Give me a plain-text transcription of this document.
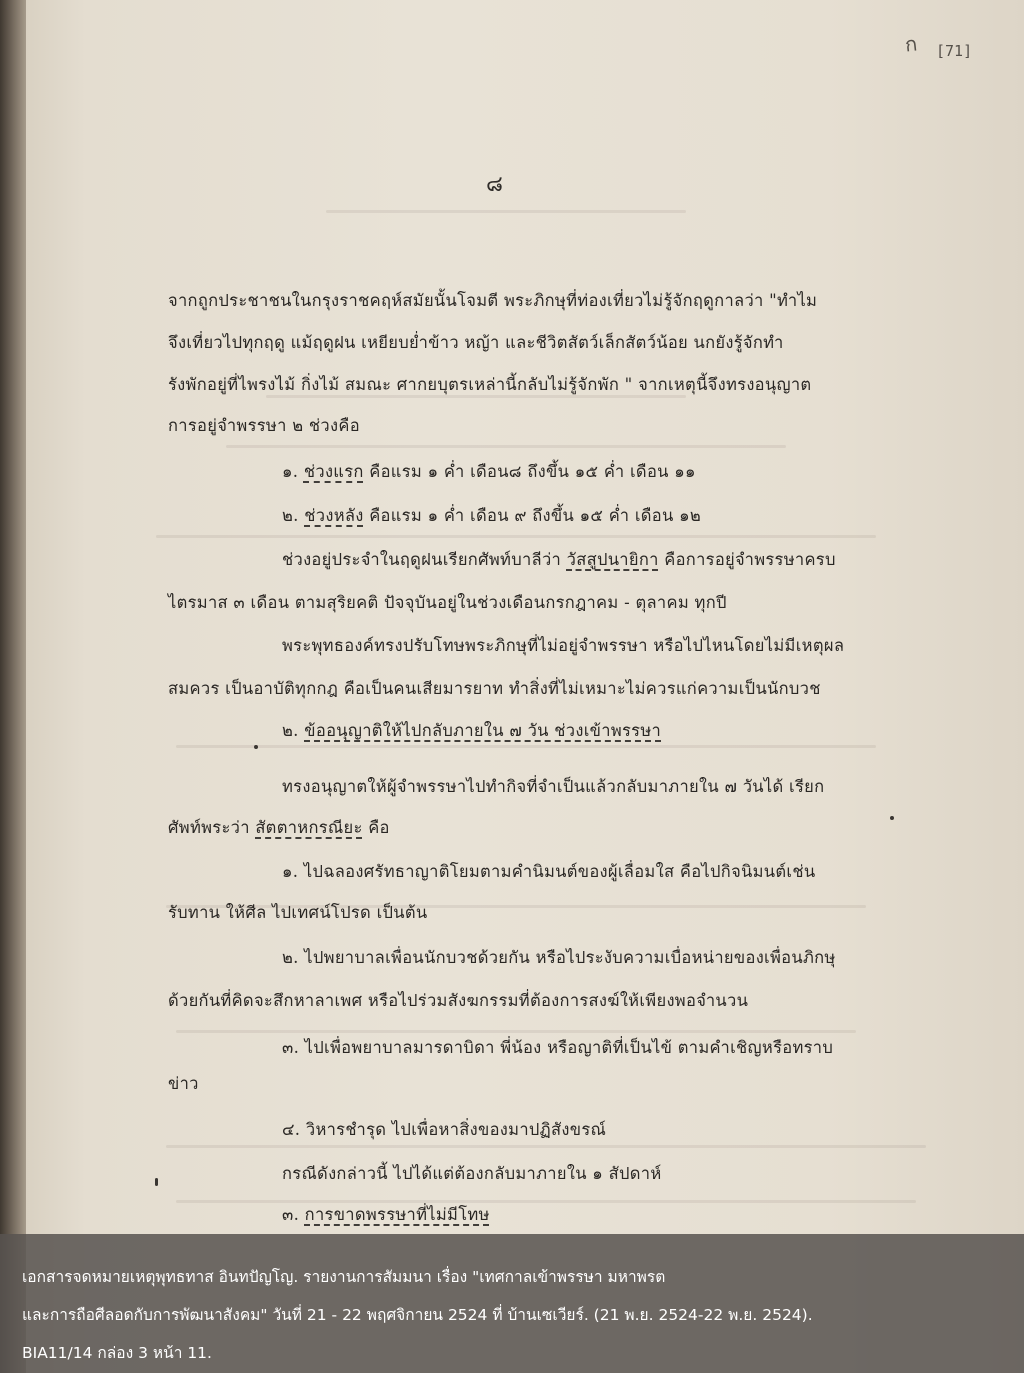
ก [71]
๘
จากถูกประชาชนในกรุงราชคฤห์สมัยนั้นโจมตี พระภิกษุที่ท่องเที่ยวไม่รู้จักฤดูกาลว่า "ทำไม
จึงเที่ยวไปทุกฤดู แม้ฤดูฝน เหยียบย่ำข้าว หญ้า และชีวิตสัตว์เล็กสัตว์น้อย นกยังรู้จักทำ
รังพักอยู่ที่ไพรงไม้ กิ่งไม้ สมณะ ศากยบุตรเหล่านี้กลับไม่รู้จักพัก " จากเหตุนี้จึงทรงอนุญาต
การอยู่จำพรรษา ๒ ช่วงคือ
๑. ช่วงแรก คือแรม ๑ ค่ำ เดือน๘ ถึงขึ้น ๑๕ ค่ำ เดือน ๑๑
๒. ช่วงหลัง คือแรม ๑ ค่ำ เดือน ๙ ถึงขึ้น ๑๕ ค่ำ เดือน ๑๒
ช่วงอยู่ประจำในฤดูฝนเรียกศัพท์บาลีว่า วัสสูปนายิกา คือการอยู่จำพรรษาครบ
ไตรมาส ๓ เดือน ตามสุริยคติ ปัจจุบันอยู่ในช่วงเดือนกรกฎาคม - ตุลาคม ทุกปี
พระพุทธองค์ทรงปรับโทษพระภิกษุที่ไม่อยู่จำพรรษา หรือไปไหนโดยไม่มีเหตุผล
สมควร เป็นอาบัติทุกกฎ คือเป็นคนเสียมารยาท ทำสิ่งที่ไม่เหมาะไม่ควรแก่ความเป็นนักบวช
๒. ข้ออนุญาติให้ไปกลับภายใน ๗ วัน ช่วงเข้าพรรษา
ทรงอนุญาตให้ผู้จำพรรษาไปทำกิจที่จำเป็นแล้วกลับมาภายใน ๗ วันได้ เรียก
ศัพท์พระว่า สัตตาหกรณียะ คือ
๑. ไปฉลองศรัทธาญาติโยมตามคำนิมนต์ของผู้เลื่อมใส คือไปกิจนิมนต์เช่น
รับทาน ให้ศีล ไปเทศน์โปรด เป็นต้น
๒. ไปพยาบาลเพื่อนนักบวชด้วยกัน หรือไประงับความเบื่อหน่ายของเพื่อนภิกษุ
ด้วยกันที่คิดจะสึกหาลาเพศ หรือไปร่วมสังฆกรรมที่ต้องการสงฆ์ให้เพียงพอจำนวน
๓. ไปเพื่อพยาบาลมารดาบิดา พี่น้อง หรือญาติที่เป็นไข้ ตามคำเชิญหรือทราบ
ข่าว
๔. วิหารชำรุด ไปเพื่อหาสิ่งของมาปฏิสังขรณ์
กรณีดังกล่าวนี้ ไปได้แต่ต้องกลับมาภายใน ๑ สัปดาห์
๓. การขาดพรรษาที่ไม่มีโทษ
เอกสารจดหมายเหตุพุทธทาส อินทปัญโญ. รายงานการสัมมนา เรื่อง "เทศกาลเข้าพรรษา มหาพรต
และการถือศีลอดกับการพัฒนาสังคม" วันที่ 21 - 22 พฤศจิกายน 2524 ที่ บ้านเซเวียร์. (21 พ.ย. 2524-22 พ.ย. 2524).
BIA11/14 กล่อง 3 หน้า 11.
